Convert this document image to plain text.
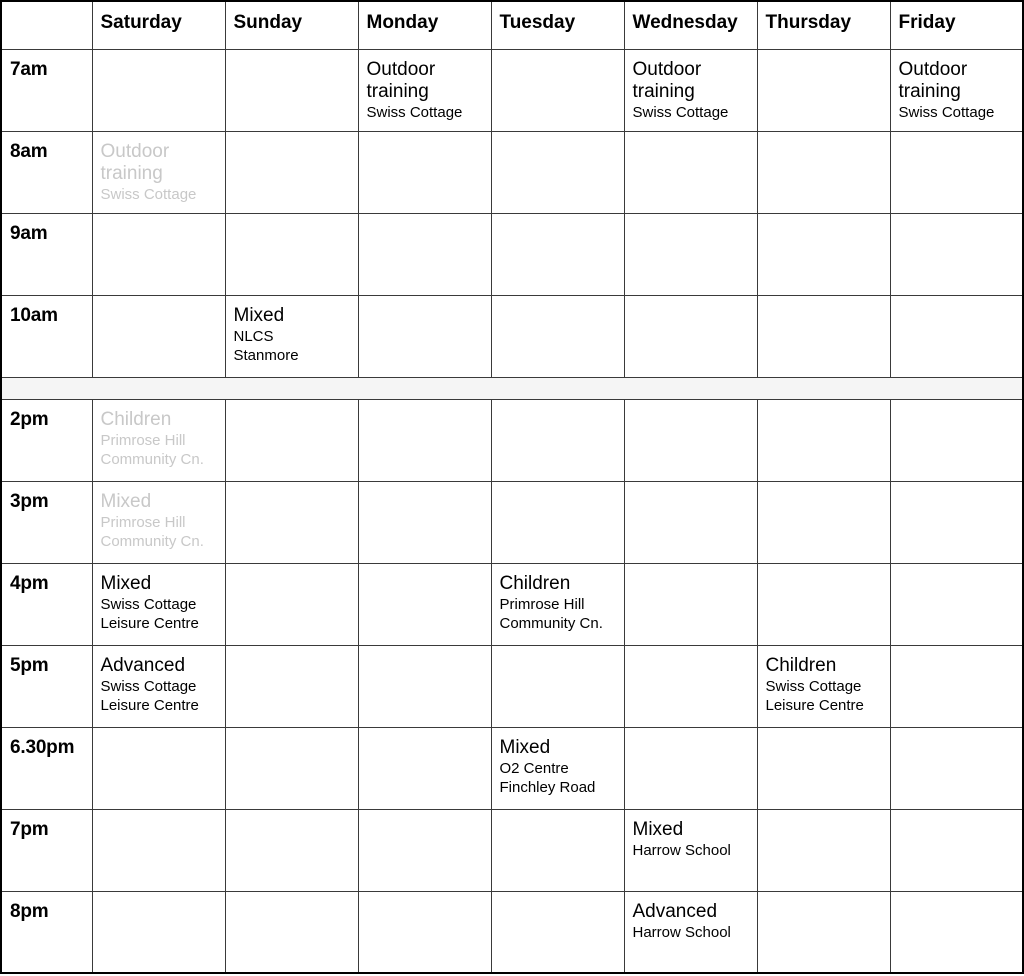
	Saturday	Sunday	Monday	Tuesday	Wednesday	Thursday	Friday

7am			Outdoor
training
Swiss Cottage		Outdoor
training
Swiss Cottage		Outdoor
training
Swiss Cottage

8am	Outdoor
training
Swiss Cottage						

9am							

10am		Mixed
NLCS
Stanmore					

2pm	Children
Primrose Hill
Community Cn.						

3pm	Mixed
Primrose Hill
Community Cn.						

4pm	Mixed
Swiss Cottage
Leisure Centre			Children
Primrose Hill
Community Cn.			

5pm	Advanced
Swiss Cottage
Leisure Centre					Children
Swiss Cottage
Leisure Centre	

6.30pm				Mixed
O2 Centre
Finchley Road			

7pm					Mixed
Harrow School		

8pm					Advanced
Harrow School		
